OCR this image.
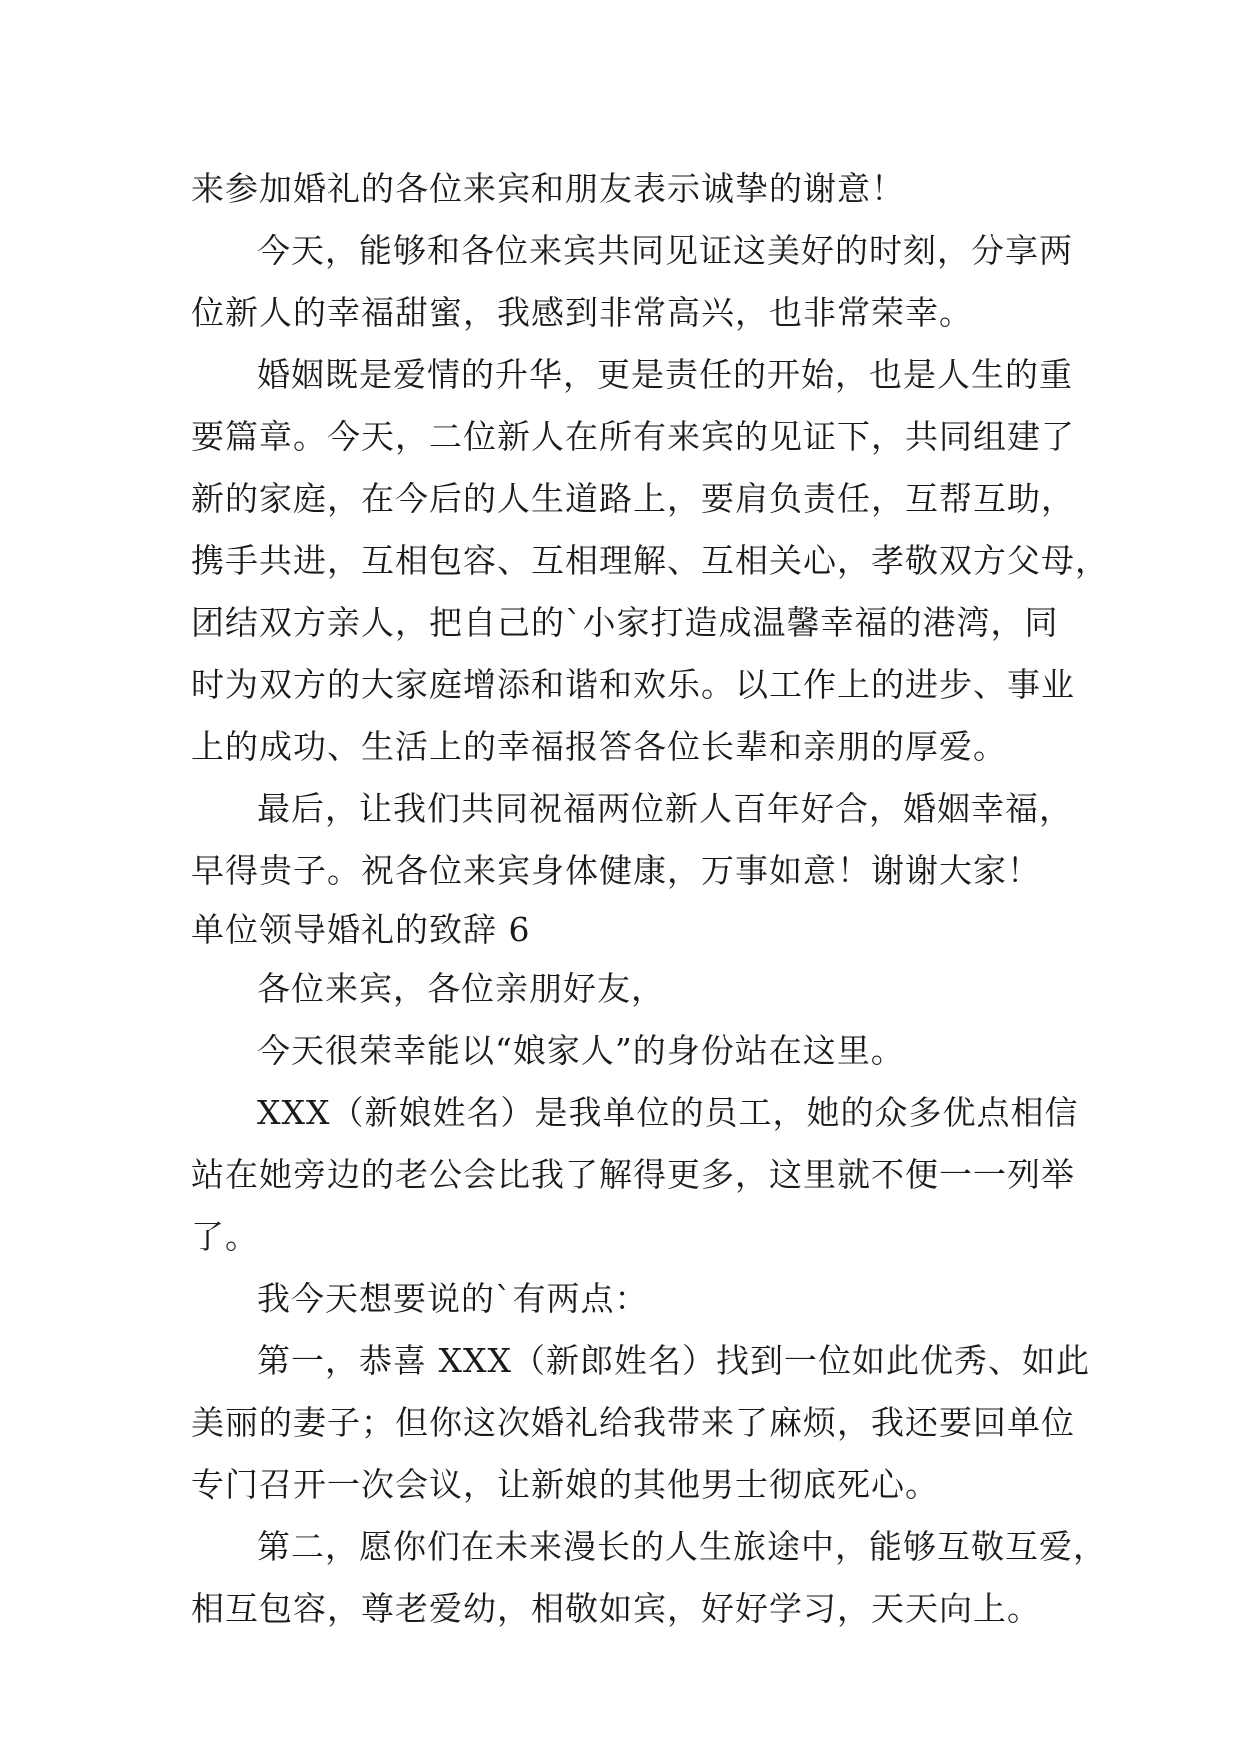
来参加婚礼的各位来宾和朋友表示诚挚的谢意！
今天，能够和各位来宾共同见证这美好的时刻，分享两
位新人的幸福甜蜜，我感到非常高兴，也非常荣幸。
婚姻既是爱情的升华，更是责任的开始，也是人生的重
要篇章。今天，二位新人在所有来宾的见证下，共同组建了
新的家庭，在今后的人生道路上，要肩负责任，互帮互助，
携手共进，互相包容、互相理解、互相关心，孝敬双方父母，
团结双方亲人，把自己的`小家打造成温馨幸福的港湾，同
时为双方的大家庭增添和谐和欢乐。以工作上的进步、事业
上的成功、生活上的幸福报答各位长辈和亲朋的厚爱。
最后，让我们共同祝福两位新人百年好合，婚姻幸福，
早得贵子。祝各位来宾身体健康，万事如意！谢谢大家！
单位领导婚礼的致辞 6
各位来宾，各位亲朋好友，
今天很荣幸能以“娘家人”的身份站在这里。
XXX（新娘姓名）是我单位的员工，她的众多优点相信
站在她旁边的老公会比我了解得更多，这里就不便一一列举
了。
我今天想要说的`有两点：
第一，恭喜 XXX（新郎姓名）找到一位如此优秀、如此
美丽的妻子；但你这次婚礼给我带来了麻烦，我还要回单位
专门召开一次会议，让新娘的其他男士彻底死心。
第二，愿你们在未来漫长的人生旅途中，能够互敬互爱，
相互包容，尊老爱幼，相敬如宾，好好学习，天天向上。
